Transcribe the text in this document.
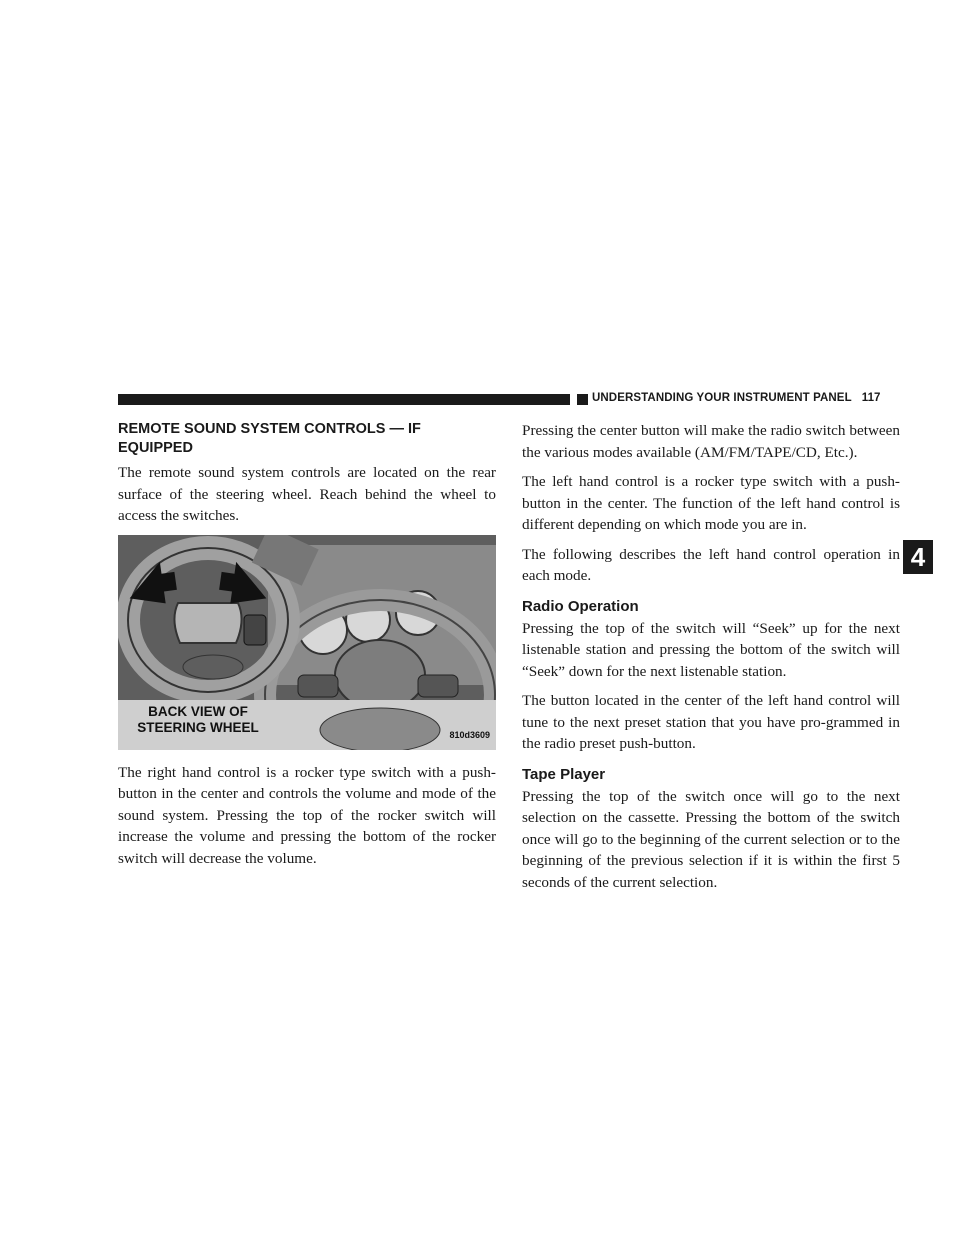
UNDERSTANDING YOUR INSTRUMENT PANEL 117
4
REMOTE SOUND SYSTEM CONTROLS — IF EQUIPPED

The remote sound system controls are located on the rear surface of the steering wheel. Reach behind the wheel to access the switches.

BACK VIEW OF STEERING WHEEL	810d3609

The right hand control is a rocker type switch with a push-button in the center and controls the volume and mode of the sound system. Pressing the top of the rocker switch will increase the volume and pressing the bottom of the rocker switch will decrease the volume.

Pressing the center button will make the radio switch between the various modes available (AM/FM/TAPE/CD, Etc.).

The left hand control is a rocker type switch with a push-button in the center. The function of the left hand control is different depending on which mode you are in.

The following describes the left hand control operation in each mode.

Radio Operation

Pressing the top of the switch will “Seek” up for the next listenable station and pressing the bottom of the switch will “Seek” down for the next listenable station.

The button located in the center of the left hand control will tune to the next preset station that you have pro-grammed in the radio preset push-button.

Tape Player

Pressing the top of the switch once will go to the next selection on the cassette. Pressing the bottom of the switch once will go to the beginning of the current selection or to the beginning of the previous selection if it is within the first 5 seconds of the current selection.
